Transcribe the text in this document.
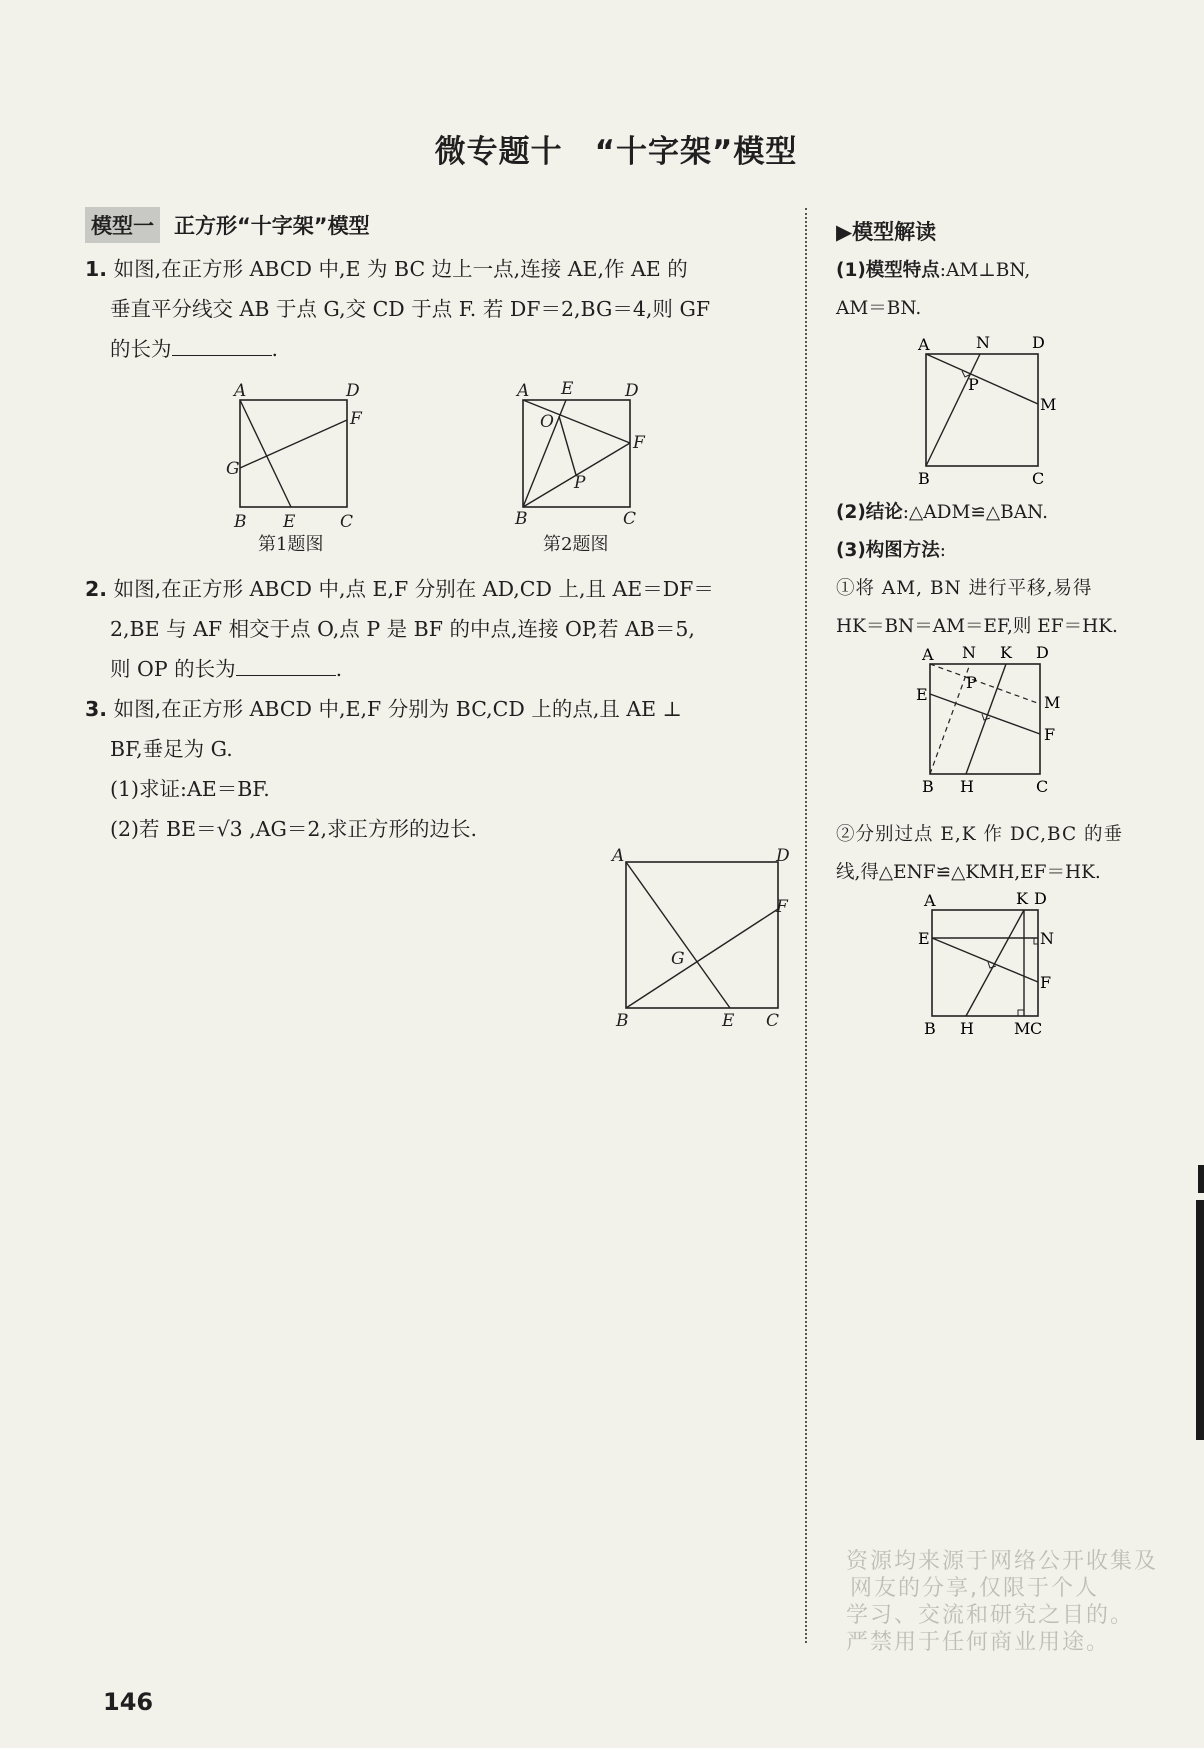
微专题十　“十字架”模型
模型一 正方形“十字架”模型

1. 如图,在正方形 ABCD 中,E 为 BC 边上一点,连接 AE,作 AE 的

垂直平分线交 AB 于点 G,交 CD 于点 F. 若 DF＝2,BG＝4,则 GF

的长为	.

2. 如图,在正方形 ABCD 中,点 E,F 分别在 AD,CD 上,且 AE＝DF＝

2,BE 与 AF 相交于点 O,点 P 是 BF 的中点,连接 OP,若 AB＝5,

则 OP 的长为	.

3. 如图,在正方形 ABCD 中,E,F 分别为 BC,CD 上的点,且 AE ⊥

BF,垂足为 G.

(1)求证:AE＝BF.

(2)若 BE＝√3 ,AG＝2,求正方形的边长.

A	D
F
G
B E	C
第1题图
A E	D
O
F
P
B	C
第2题图
A	D
F
G
B	E C
▶模型解读

(1)模型特点:AM⊥BN,

AM＝BN.

A	N	D
P
M
B	C

(2)结论:△ADM≌△BAN.

(3)构图方法:

①将 AM, BN 进行平移,易得

HK＝BN＝AM＝EF,则 EF＝HK.

A N K D
P
E	M
F
B H	C

②分别过点 E,K 作 DC,BC 的垂

线,得△ENF≌△KMH,EF＝HK.

A	K D
E	N
F
B H	M C
资源均来源于网络公开收集及
网友的分享,仅限于个人
学习、交流和研究之目的。
严禁用于任何商业用途。
146
